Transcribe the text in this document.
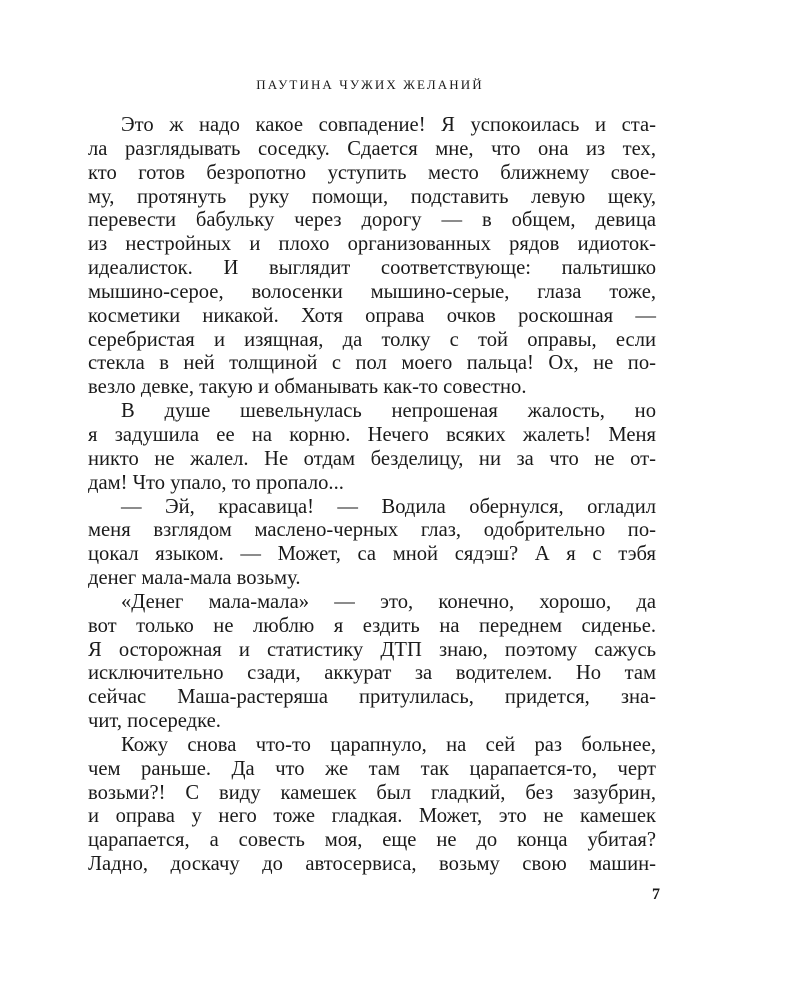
ПАУТИНА ЧУЖИХ ЖЕЛАНИЙ

Это ж надо какое совпадение! Я успокоилась и ста-
ла разглядывать соседку. Сдается мне, что она из тех,
кто готов безропотно уступить место ближнему свое-
му, протянуть руку помощи, подставить левую щеку,
перевести бабульку через дорогу — в общем, девица
из нестройных и плохо организованных рядов идиоток-
идеалисток. И выглядит соответствующе: пальтишко
мышино-серое, волосенки мышино-серые, глаза тоже,
косметики никакой. Хотя оправа очков роскошная —
серебристая и изящная, да толку с той оправы, если
стекла в ней толщиной с пол моего пальца! Ох, не по-
везло девке, такую и обманывать как-то совестно.

В душе шевельнулась непрошеная жалость, но
я задушила ее на корню. Нечего всяких жалеть! Меня
никто не жалел. Не отдам безделицу, ни за что не от-
дам! Что упало, то пропало...

— Эй, красавица! — Водила обернулся, огладил
меня взглядом маслено-черных глаз, одобрительно по-
цокал языком. — Может, са мной сядэш? А я с тэбя
денег мала-мала возьму.

«Денег мала-мала» — это, конечно, хорошо, да
вот только не люблю я ездить на переднем сиденье.
Я осторожная и статистику ДТП знаю, поэтому сажусь
исключительно сзади, аккурат за водителем. Но там
сейчас Маша-растеряша притулилась, придется, зна-
чит, посередке.

Кожу снова что-то царапнуло, на сей раз больнее,
чем раньше. Да что же там так царапается-то, черт
возьми?! С виду камешек был гладкий, без зазубрин,
и оправа у него тоже гладкая. Может, это не камешек
царапается, а совесть моя, еще не до конца убитая?
Ладно, доскачу до автосервиса, возьму свою машин-

7
